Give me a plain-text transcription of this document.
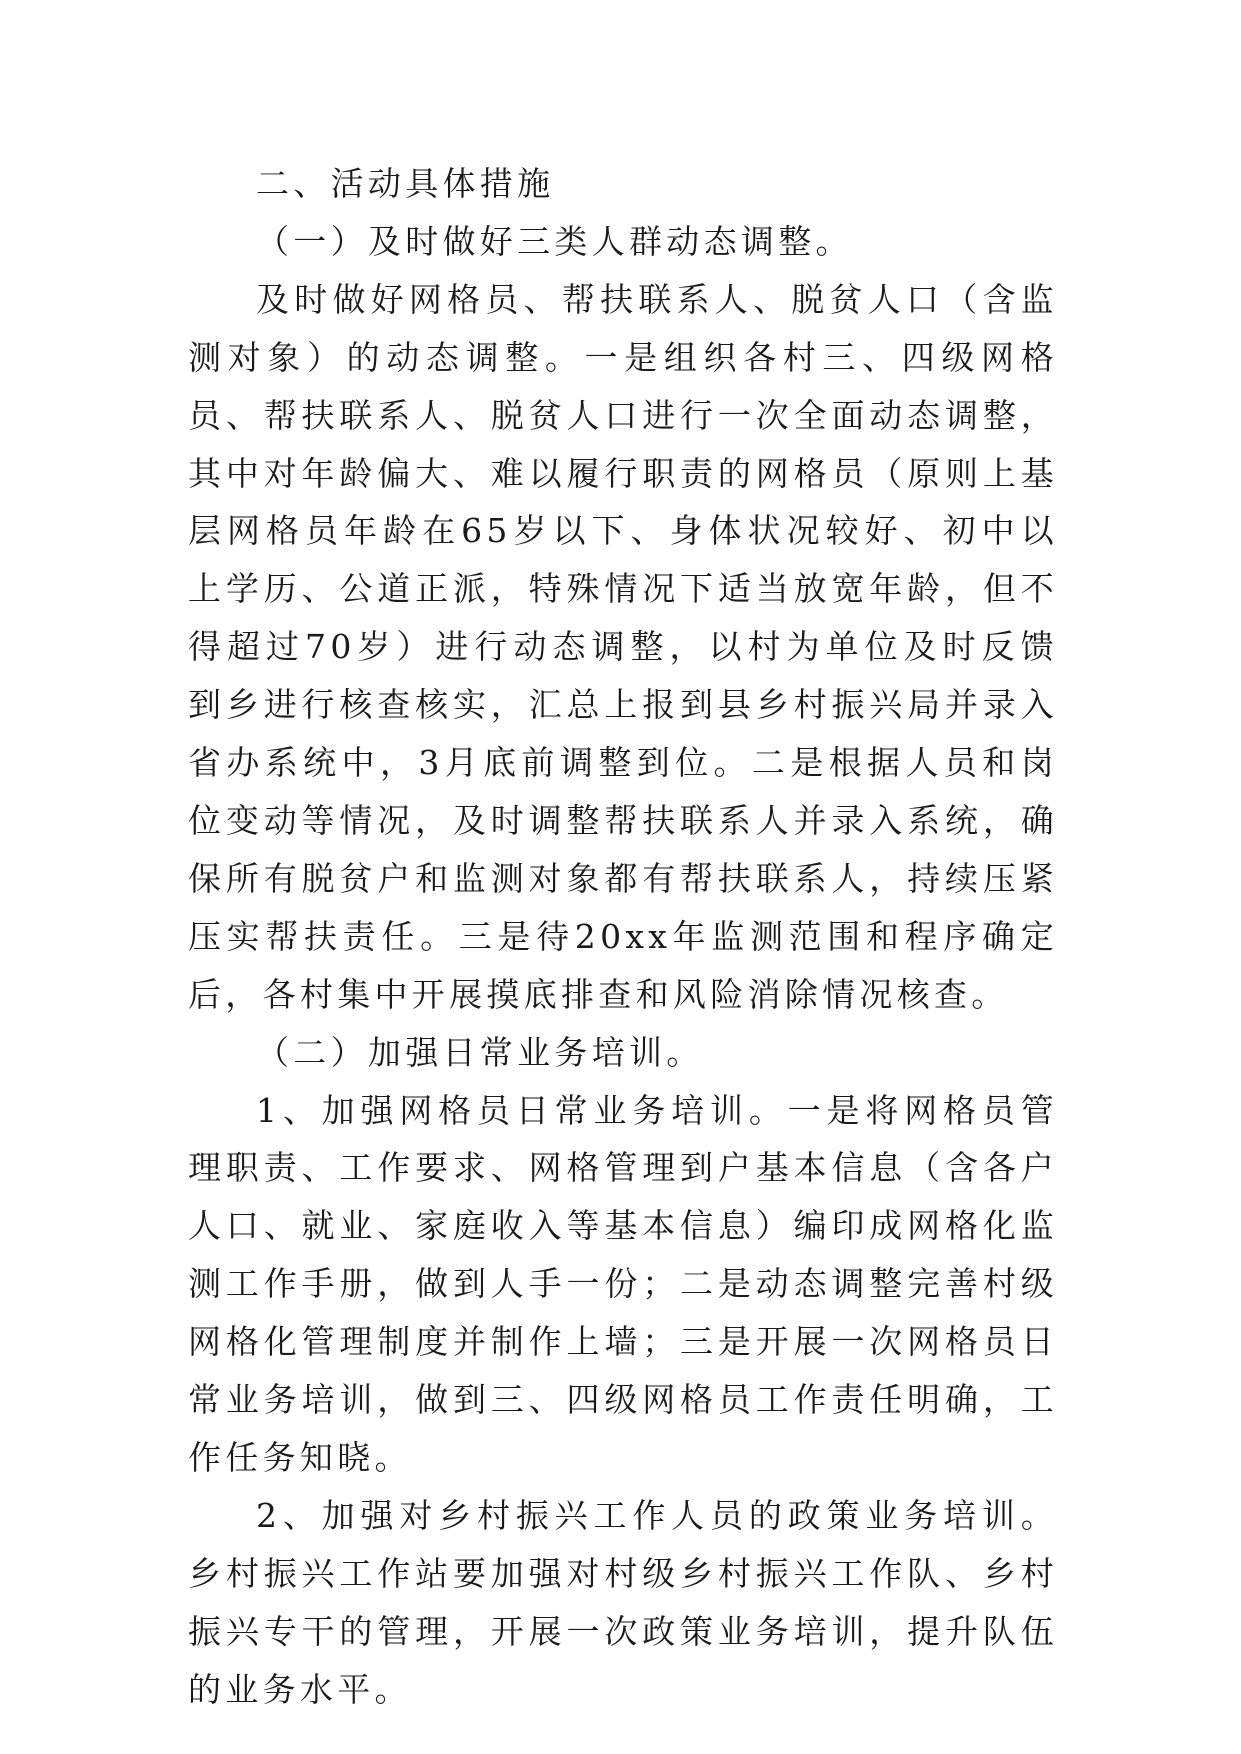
二、活动具体措施

（一）及时做好三类人群动态调整。

及时做好网格员、帮扶联系人、脱贫人口（含监测对象）的动态调整。一是组织各村三、四级网格员、帮扶联系人、脱贫人口进行一次全面动态调整，其中对年龄偏大、难以履行职责的网格员（原则上基层网格员年龄在65岁以下、身体状况较好、初中以上学历、公道正派，特殊情况下适当放宽年龄，但不得超过70岁）进行动态调整，以村为单位及时反馈到乡进行核查核实，汇总上报到县乡村振兴局并录入省办系统中，3月底前调整到位。二是根据人员和岗位变动等情况，及时调整帮扶联系人并录入系统，确保所有脱贫户和监测对象都有帮扶联系人，持续压紧压实帮扶责任。三是待20xx年监测范围和程序确定后，各村集中开展摸底排查和风险消除情况核查。

（二）加强日常业务培训。

1、加强网格员日常业务培训。一是将网格员管理职责、工作要求、网格管理到户基本信息（含各户人口、就业、家庭收入等基本信息）编印成网格化监测工作手册，做到人手一份；二是动态调整完善村级网格化管理制度并制作上墙；三是开展一次网格员日常业务培训，做到三、四级网格员工作责任明确，工作任务知晓。

2、加强对乡村振兴工作人员的政策业务培训。乡村振兴工作站要加强对村级乡村振兴工作队、乡村振兴专干的管理，开展一次政策业务培训，提升队伍的业务水平。
